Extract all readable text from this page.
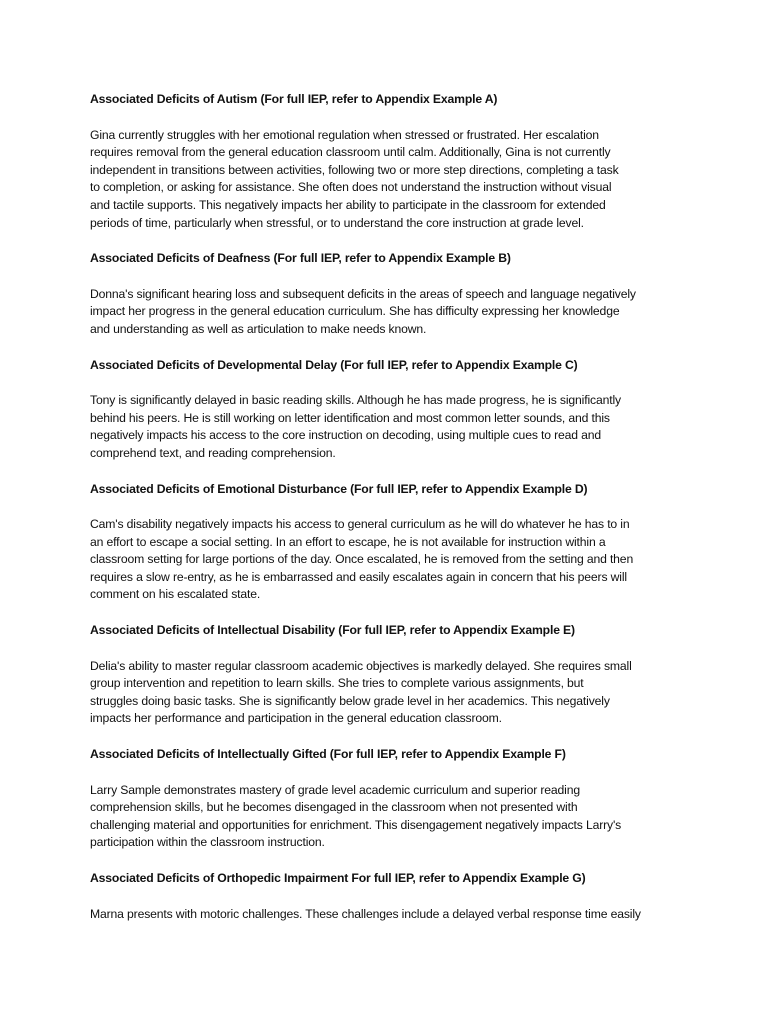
Associated Deficits of Autism (For full IEP, refer to Appendix Example A)

Gina currently struggles with her emotional regulation when stressed or frustrated. Her escalation
requires removal from the general education classroom until calm. Additionally, Gina is not currently
independent in transitions between activities, following two or more step directions, completing a task
to completion, or asking for assistance. She often does not understand the instruction without visual
and tactile supports. This negatively impacts her ability to participate in the classroom for extended
periods of time, particularly when stressful, or to understand the core instruction at grade level.

Associated Deficits of Deafness (For full IEP, refer to Appendix Example B)

Donna's significant hearing loss and subsequent deficits in the areas of speech and language negatively
impact her progress in the general education curriculum. She has difficulty expressing her knowledge
and understanding as well as articulation to make needs known.

Associated Deficits of Developmental Delay (For full IEP, refer to Appendix Example C)

Tony is significantly delayed in basic reading skills. Although he has made progress, he is significantly
behind his peers. He is still working on letter identification and most common letter sounds, and this
negatively impacts his access to the core instruction on decoding, using multiple cues to read and
comprehend text, and reading comprehension.

Associated Deficits of Emotional Disturbance (For full IEP, refer to Appendix Example D)

Cam's disability negatively impacts his access to general curriculum as he will do whatever he has to in
an effort to escape a social setting. In an effort to escape, he is not available for instruction within a
classroom setting for large portions of the day. Once escalated, he is removed from the setting and then
requires a slow re-entry, as he is embarrassed and easily escalates again in concern that his peers will
comment on his escalated state.

Associated Deficits of Intellectual Disability (For full IEP, refer to Appendix Example E)

Delia's ability to master regular classroom academic objectives is markedly delayed. She requires small
group intervention and repetition to learn skills. She tries to complete various assignments, but
struggles doing basic tasks. She is significantly below grade level in her academics. This negatively
impacts her performance and participation in the general education classroom.

Associated Deficits of Intellectually Gifted (For full IEP, refer to Appendix Example F)

Larry Sample demonstrates mastery of grade level academic curriculum and superior reading
comprehension skills, but he becomes disengaged in the classroom when not presented with
challenging material and opportunities for enrichment. This disengagement negatively impacts Larry's
participation within the classroom instruction.

Associated Deficits of Orthopedic Impairment For full IEP, refer to Appendix Example G)

Marna presents with motoric challenges. These challenges include a delayed verbal response time easily
